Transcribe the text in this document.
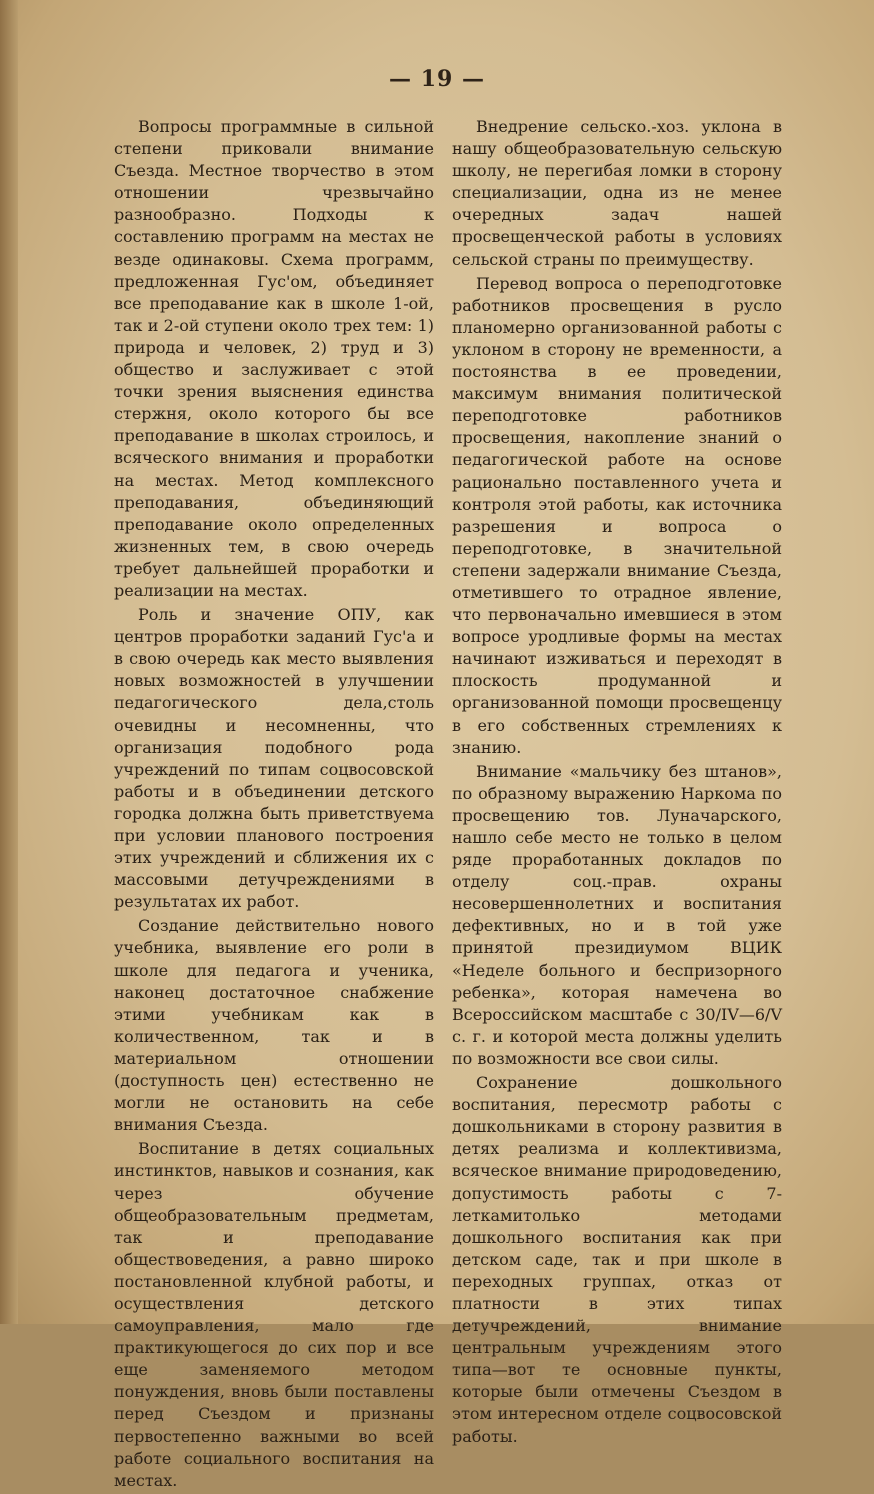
— 19 —

Вопросы программные в сильной степени приковали внимание Съезда. Местное творчество в этом отношении чрезвычайно разнообразно. Подходы к составлению программ на местах не везде одинаковы. Схема программ, предложенная Гус'ом, объединяет все преподавание как в школе 1-ой, так и 2-ой ступени около трех тем: 1) природа и человек, 2) труд и 3) общество и заслуживает с этой точки зрения выяснения единства стержня, около которого бы все преподавание в школах строилось, и всяческого внимания и проработки на местах. Метод комплексного преподавания, объединяющий преподавание около определенных жизненных тем, в свою очередь требует дальнейшей проработки и реализации на местах.

Роль и значение ОПУ, как центров проработки заданий Гус'а и в свою очередь как место выявления новых возможностей в улучшении педагогического дела,столь очевидны и несомненны, что организация подобного рода учреждений по типам соцвосовской работы и в объединении детского городка должна быть приветствуема при условии планового построения этих учреждений и сближения их с массовыми детучреждениями в результатах их работ.

Создание действительно нового учебника, выявление его роли в школе для педагога и ученика, наконец достаточное снабжение этими учебникам как в количественном, так и в материальном отношении (доступность цен) естественно не могли не остановить на себе внимания Съезда.

Воспитание в детях социальных инстинктов, навыков и сознания, как через обучение общеобразовательным предметам, так и преподавание обществоведения, а равно широко постановленной клубной работы, и осуществления детского самоуправления, мало где практикующегося до сих пор и все еще заменяемого методом понуждения, вновь были поставлены перед Съездом и признаны первостепенно важными во всей работе социального воспитания на местах.

Внедрение сельско.-хоз. уклона в нашу общеобразовательную сельскую школу, не перегибая ломки в сторону специализации, одна из не менее очередных задач нашей просвещенческой работы в условиях сельской страны по преимуществу.

Перевод вопроса о переподготовке работников просвещения в русло планомерно организованной работы с уклоном в сторону не временности, а постоянства в ее проведении, максимум внимания политической переподготовке работников просвещения, накопление знаний о педагогической работе на основе рационально поставленного учета и контроля этой работы, как источника разрешения и вопроса о переподготовке, в значительной степени задержали внимание Съезда, отметившего то отрадное явление, что первоначально имевшиеся в этом вопросе уродливые формы на местах начинают изживаться и переходят в плоскость продуманной и организованной помощи просвещенцу в его собственных стремлениях к знанию.

Внимание «мальчику без штанов», по образному выражению Наркома по просвещению тов. Луначарского, нашло себе место не только в целом ряде проработанных докладов по отделу соц.-прав. охраны несовершеннолетних и воспитания дефективных, но и в той уже принятой президиумом ВЦИК «Неделе больного и беспризорного ребенка», которая намечена во Всероссийском масштабе с 30/IV—6/V с. г. и которой места должны уделить по возможности все свои силы.

Сохранение дошкольного воспитания, пересмотр работы с дошкольниками в сторону развития в детях реализма и коллективизма, всяческое внимание природоведению, допустимость работы с 7-леткамитолько методами дошкольного воспитания как при детском саде, так и при школе в переходных группах, отказ от платности в этих типах детучреждений, внимание центральным учреждениям этого типа—вот те основные пункты, которые были отмечены Съездом в этом интересном отделе соцвосовской работы.
